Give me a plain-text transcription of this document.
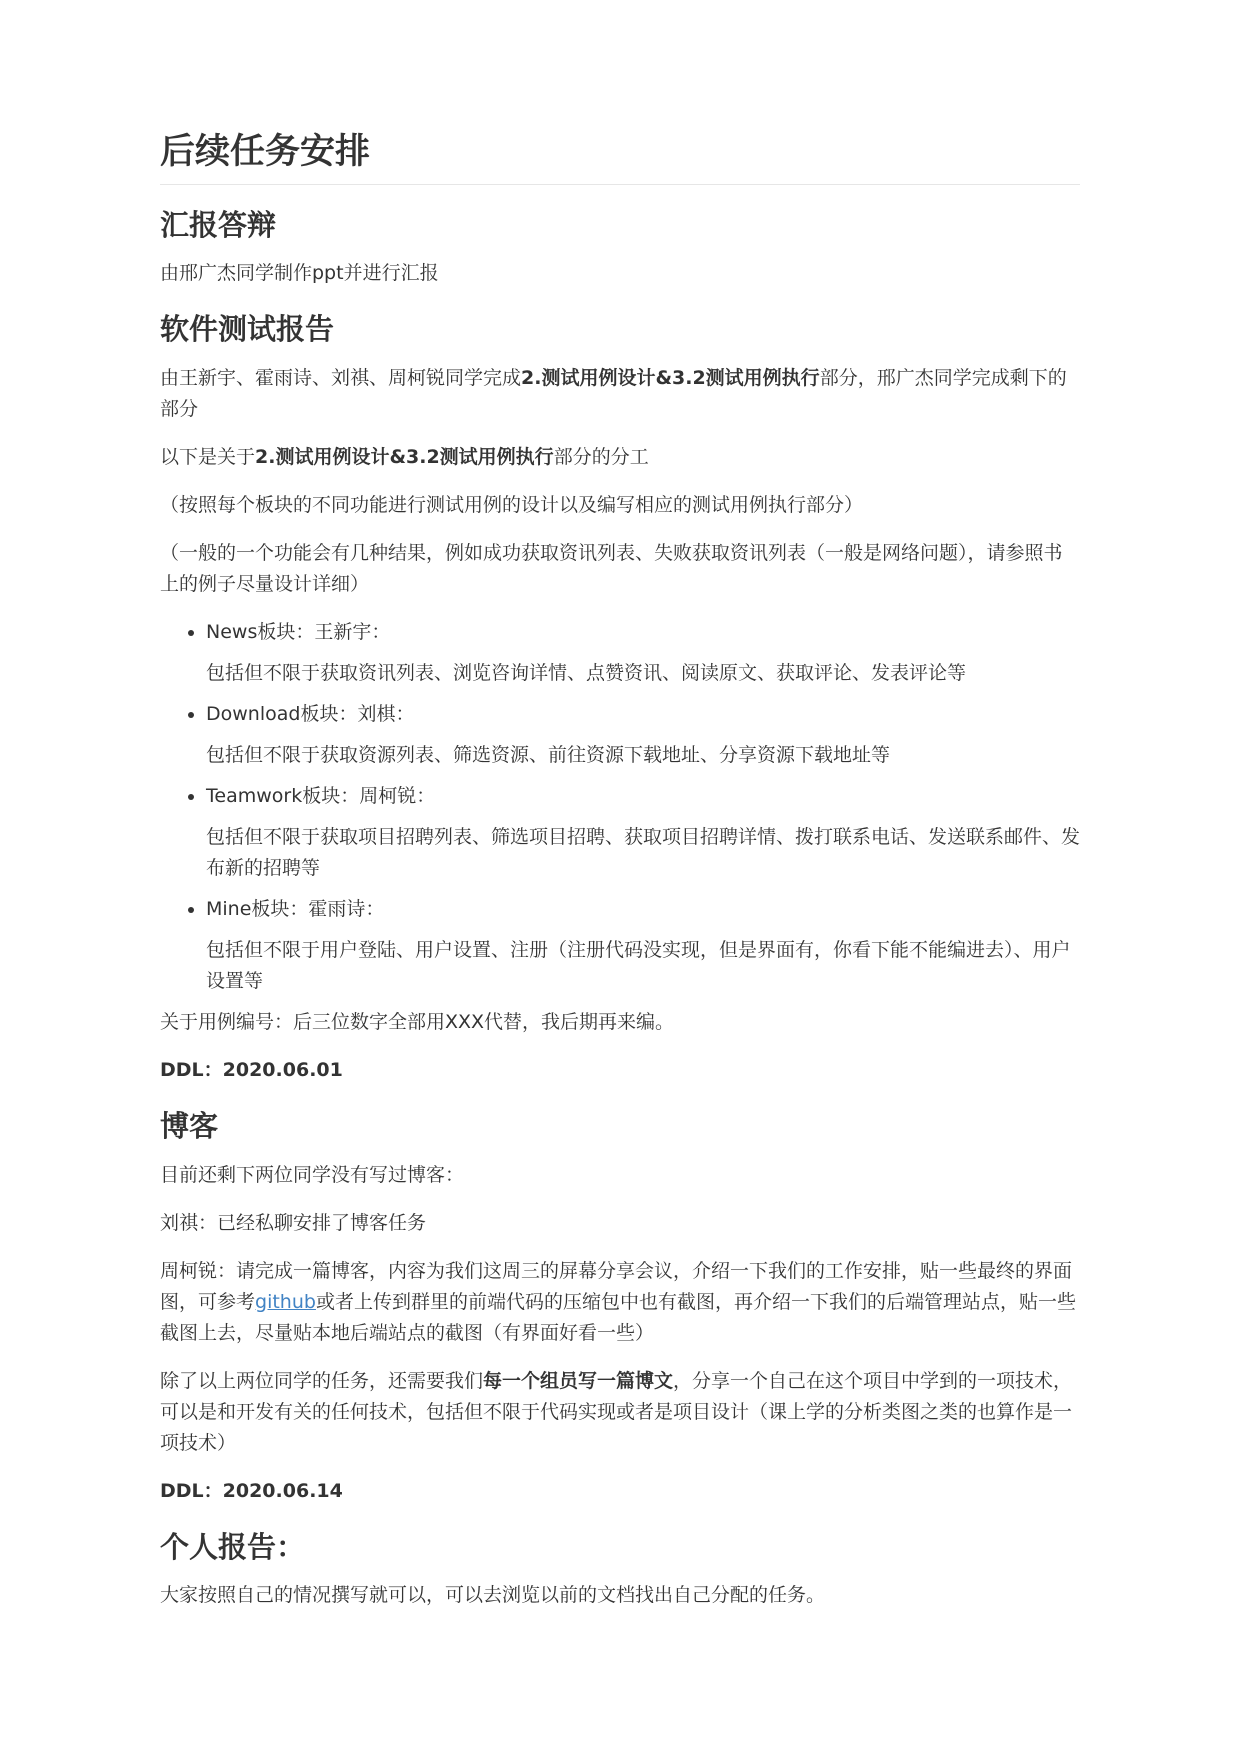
后续任务安排
汇报答辩

由邢广杰同学制作ppt并进行汇报

软件测试报告

由王新宇、霍雨诗、刘祺、周柯锐同学完成2.测试用例设计&3.2测试用例执行部分，邢广杰同学完成剩下的部分

以下是关于2.测试用例设计&3.2测试用例执行部分的分工

（按照每个板块的不同功能进行测试用例的设计以及编写相应的测试用例执行部分）

（一般的一个功能会有几种结果，例如成功获取资讯列表、失败获取资讯列表（一般是网络问题），请参照书上的例子尽量设计详细）

• News板块：王新宇：

包括但不限于获取资讯列表、浏览咨询详情、点赞资讯、阅读原文、获取评论、发表评论等

• Download板块：刘棋：

包括但不限于获取资源列表、筛选资源、前往资源下载地址、分享资源下载地址等

• Teamwork板块：周柯锐：

包括但不限于获取项目招聘列表、筛选项目招聘、获取项目招聘详情、拨打联系电话、发送联系邮件、发布新的招聘等

• Mine板块：霍雨诗：

包括但不限于用户登陆、用户设置、注册（注册代码没实现，但是界面有，你看下能不能编进去）、用户设置等

关于用例编号：后三位数字全部用XXX代替，我后期再来编。

DDL：2020.06.01

博客

目前还剩下两位同学没有写过博客：

刘祺：已经私聊安排了博客任务

周柯锐：请完成一篇博客，内容为我们这周三的屏幕分享会议，介绍一下我们的工作安排，贴一些最终的界面图，可参考github或者上传到群里的前端代码的压缩包中也有截图，再介绍一下我们的后端管理站点，贴一些截图上去，尽量贴本地后端站点的截图（有界面好看一些）

除了以上两位同学的任务，还需要我们每一个组员写一篇博文，分享一个自己在这个项目中学到的一项技术，可以是和开发有关的任何技术，包括但不限于代码实现或者是项目设计（课上学的分析类图之类的也算作是一项技术）

DDL：2020.06.14

个人报告：

大家按照自己的情况撰写就可以，可以去浏览以前的文档找出自己分配的任务。
